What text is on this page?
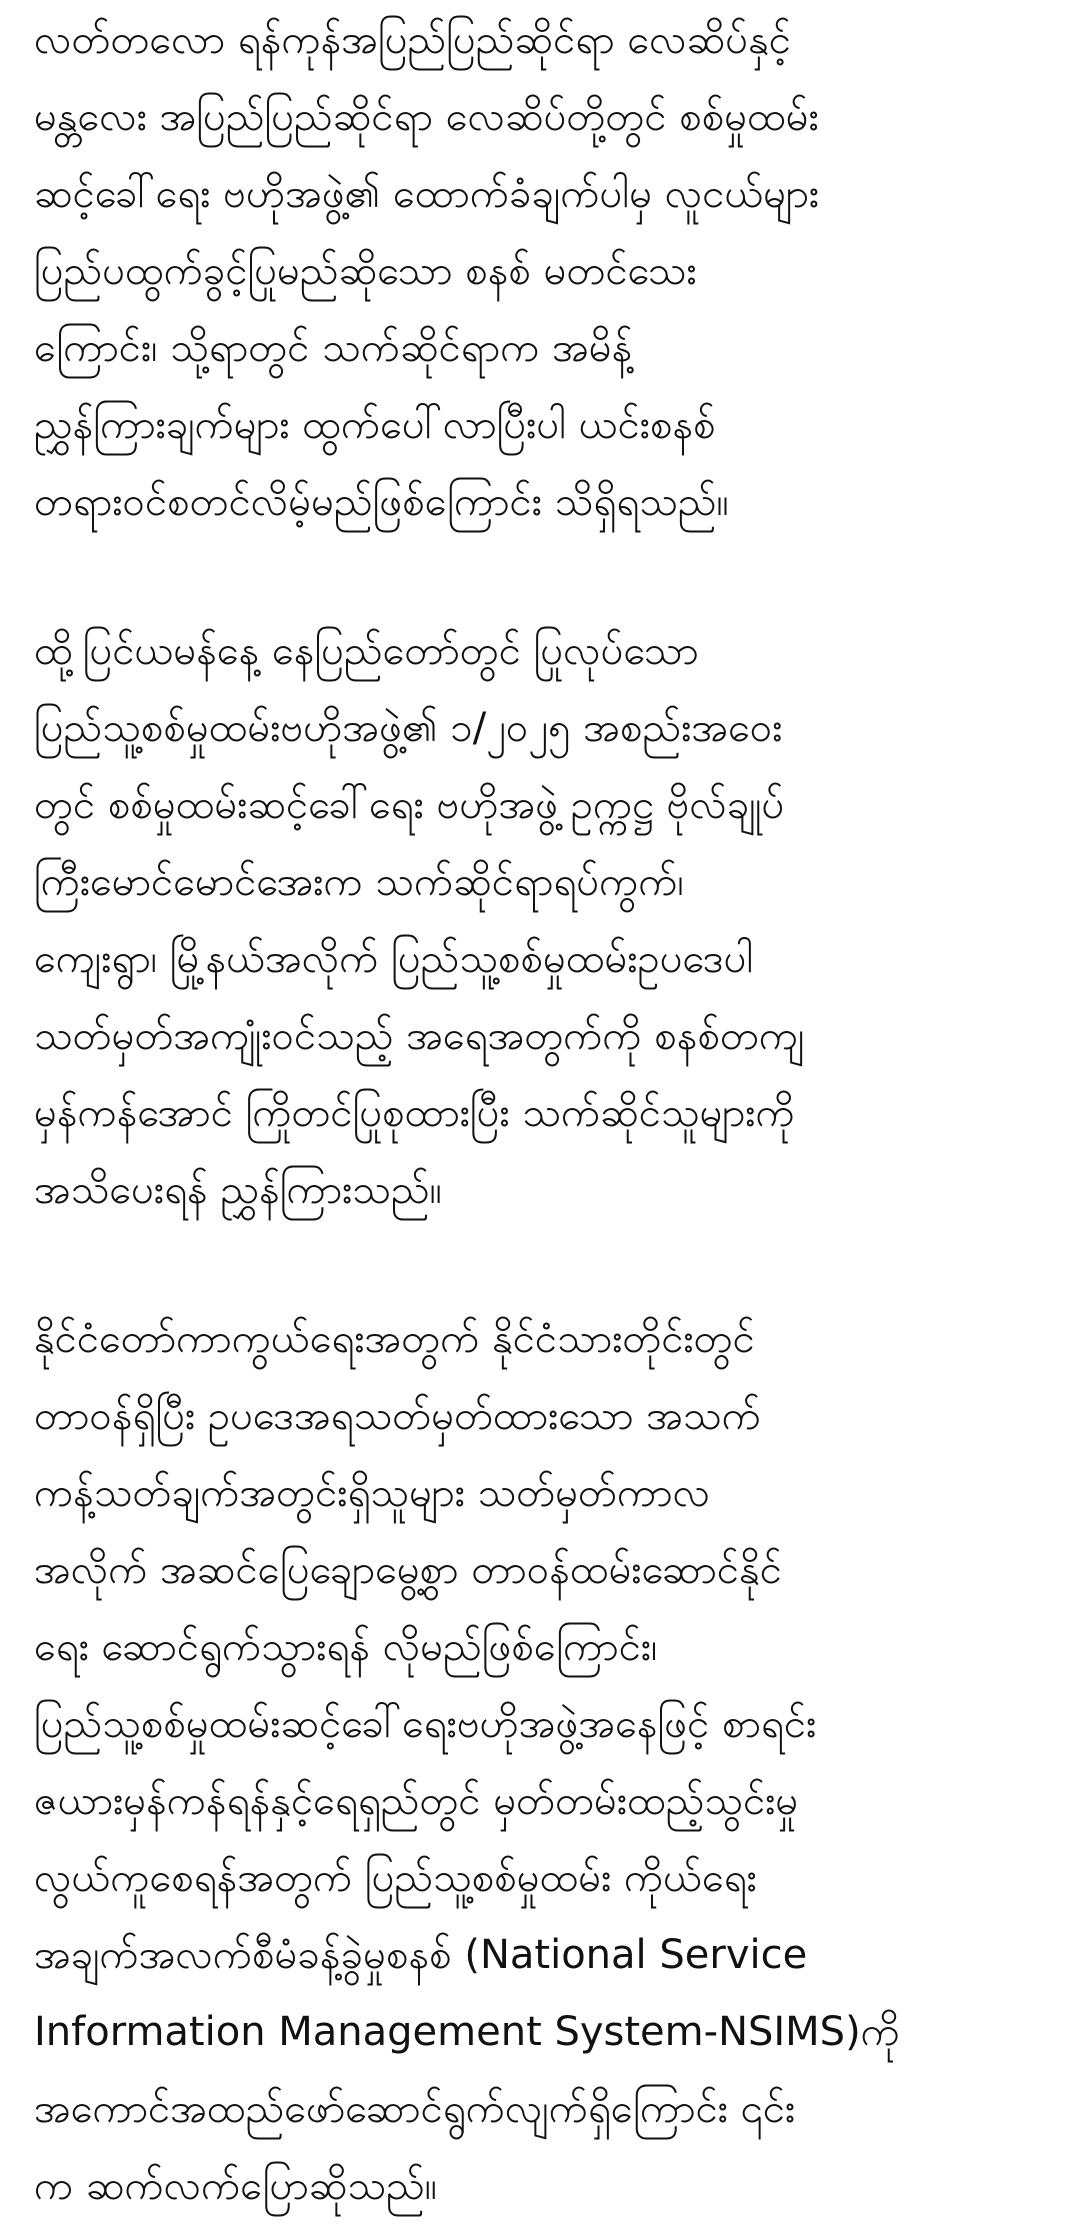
လတ်တလော ရန်ကုန်အပြည်ပြည်ဆိုင်ရာ လေဆိပ်နှင့်
မန္တလေး အပြည်ပြည်ဆိုင်ရာ လေဆိပ်တို့တွင် စစ်မှုထမ်း
ဆင့်ခေါ်ရေး ဗဟိုအဖွဲ့၏ ထောက်ခံချက်ပါမှ လူငယ်များ
ပြည်ပထွက်ခွင့်ပြုမည်ဆိုသော စနစ် မတင်သေး
ကြောင်း၊ သို့ရာတွင် သက်ဆိုင်ရာက အမိန့်
ညွှန်ကြားချက်များ ထွက်ပေါ်လာပြီးပါ ယင်းစနစ်
တရားဝင်စတင်လိမ့်မည်ဖြစ်ကြောင်း သိရှိရသည်။

ထို့ပြင်ယမန်နေ့ နေပြည်တော်တွင် ပြုလုပ်သော
ပြည်သူ့စစ်မှုထမ်းဗဟိုအဖွဲ့၏ ၁/၂၀၂၅ အစည်းအဝေး
တွင် စစ်မှုထမ်းဆင့်ခေါ်ရေး ဗဟိုအဖွဲ့ ဥက္ကဋ္ဌ ဗိုလ်ချုပ်
ကြီးမောင်မောင်အေးက သက်ဆိုင်ရာရပ်ကွက်၊
ကျေးရွာ၊ မြို့နယ်အလိုက် ပြည်သူ့စစ်မှုထမ်းဥပဒေပါ
သတ်မှတ်အကျုံးဝင်သည့် အရေအတွက်ကို စနစ်တကျ
မှန်ကန်အောင် ကြိုတင်ပြုစုထားပြီး သက်ဆိုင်သူများကို
အသိပေးရန် ညွှန်ကြားသည်။

နိုင်ငံတော်ကာကွယ်ရေးအတွက် နိုင်ငံသားတိုင်းတွင်
တာဝန်ရှိပြီး ဥပဒေအရသတ်မှတ်ထားသော အသက်
ကန့်သတ်ချက်အတွင်းရှိသူများ သတ်မှတ်ကာလ
အလိုက် အဆင်ပြေချောမွေ့စွာ တာဝန်ထမ်းဆောင်နိုင်
ရေး ဆောင်ရွက်သွားရန် လိုမည်ဖြစ်ကြောင်း၊
ပြည်သူ့စစ်မှုထမ်းဆင့်ခေါ်ရေးဗဟိုအဖွဲ့အနေဖြင့် စာရင်း
ဇယားမှန်ကန်ရန်နှင့်ရေရှည်တွင် မှတ်တမ်းထည့်သွင်းမှု
လွယ်ကူစေရန်အတွက် ပြည်သူ့စစ်မှုထမ်း ကိုယ်ရေး
အချက်အလက်စီမံခန့်ခွဲမှုစနစ် (National Service
Information Management System-NSIMS)ကို
အကောင်အထည်ဖော်ဆောင်ရွက်လျက်ရှိကြောင်း ၎င်း
က ဆက်လက်ပြောဆိုသည်။
